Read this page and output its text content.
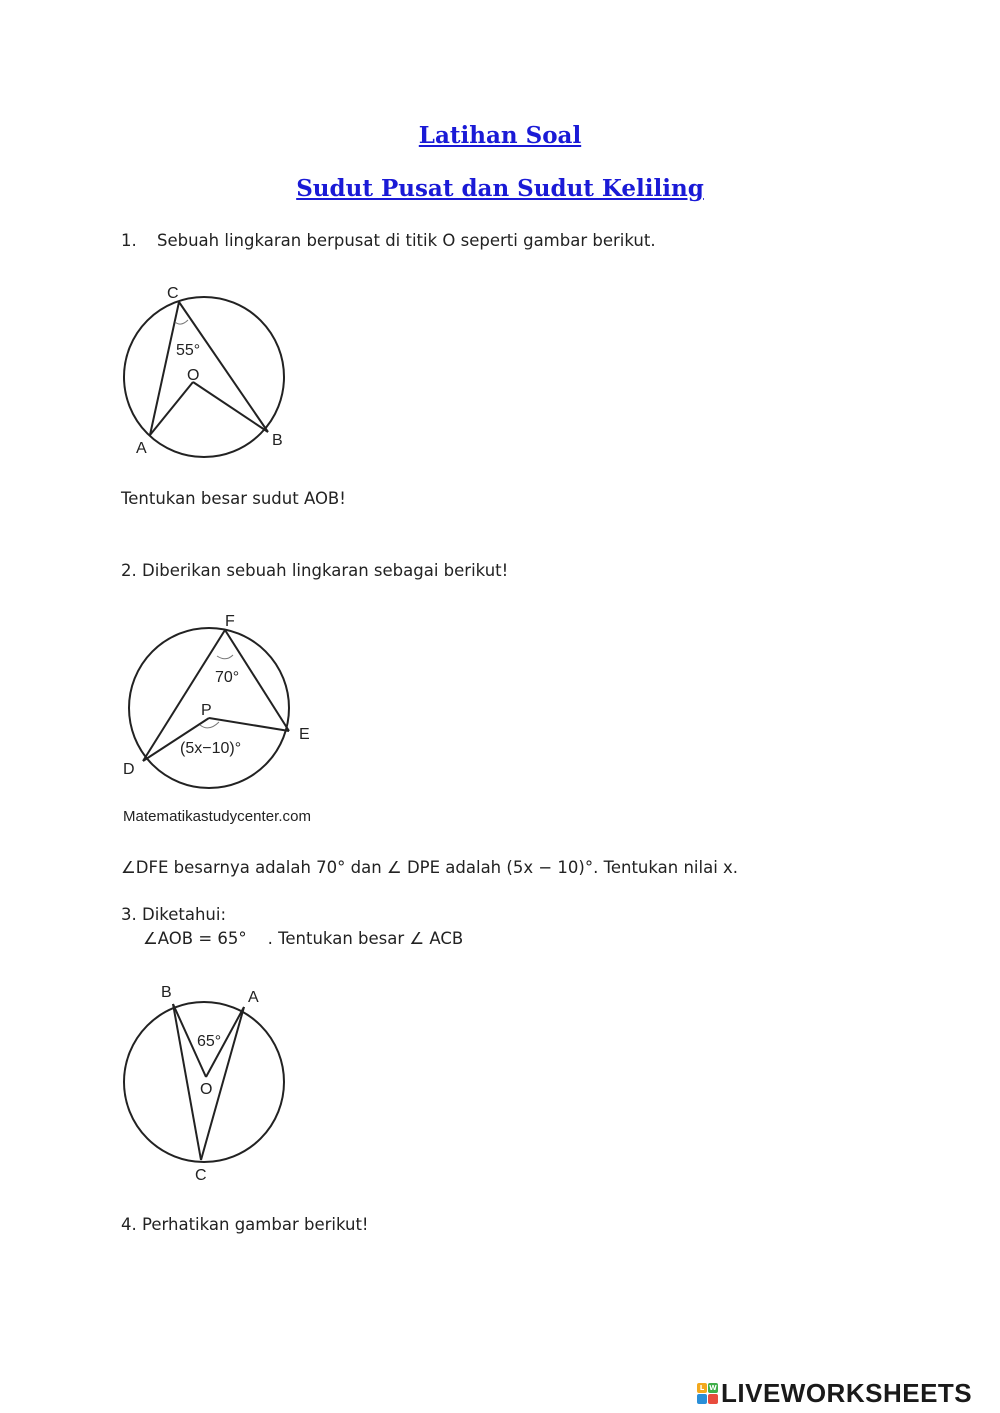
Latihan Soal
Sudut Pusat dan Sudut Keliling

1. Sebuah lingkaran berpusat di titik O seperti gambar berikut.

C
55°
O
A	B

Tentukan besar sudut AOB!

2. Diberikan sebuah lingkaran sebagai berikut!

F
70°
P
E
(5x−10)°
D
Matematikastudycenter.com

∠DFE besarnya adalah 70° dan ∠ DPE adalah (5x − 10)°. Tentukan nilai x.

3. Diketahui:

∠AOB = 65°    . Tentukan besar ∠ ACB

B	A
65°
O
C

4. Perhatikan gambar berikut!

L W LIVEWORKSHEETS
